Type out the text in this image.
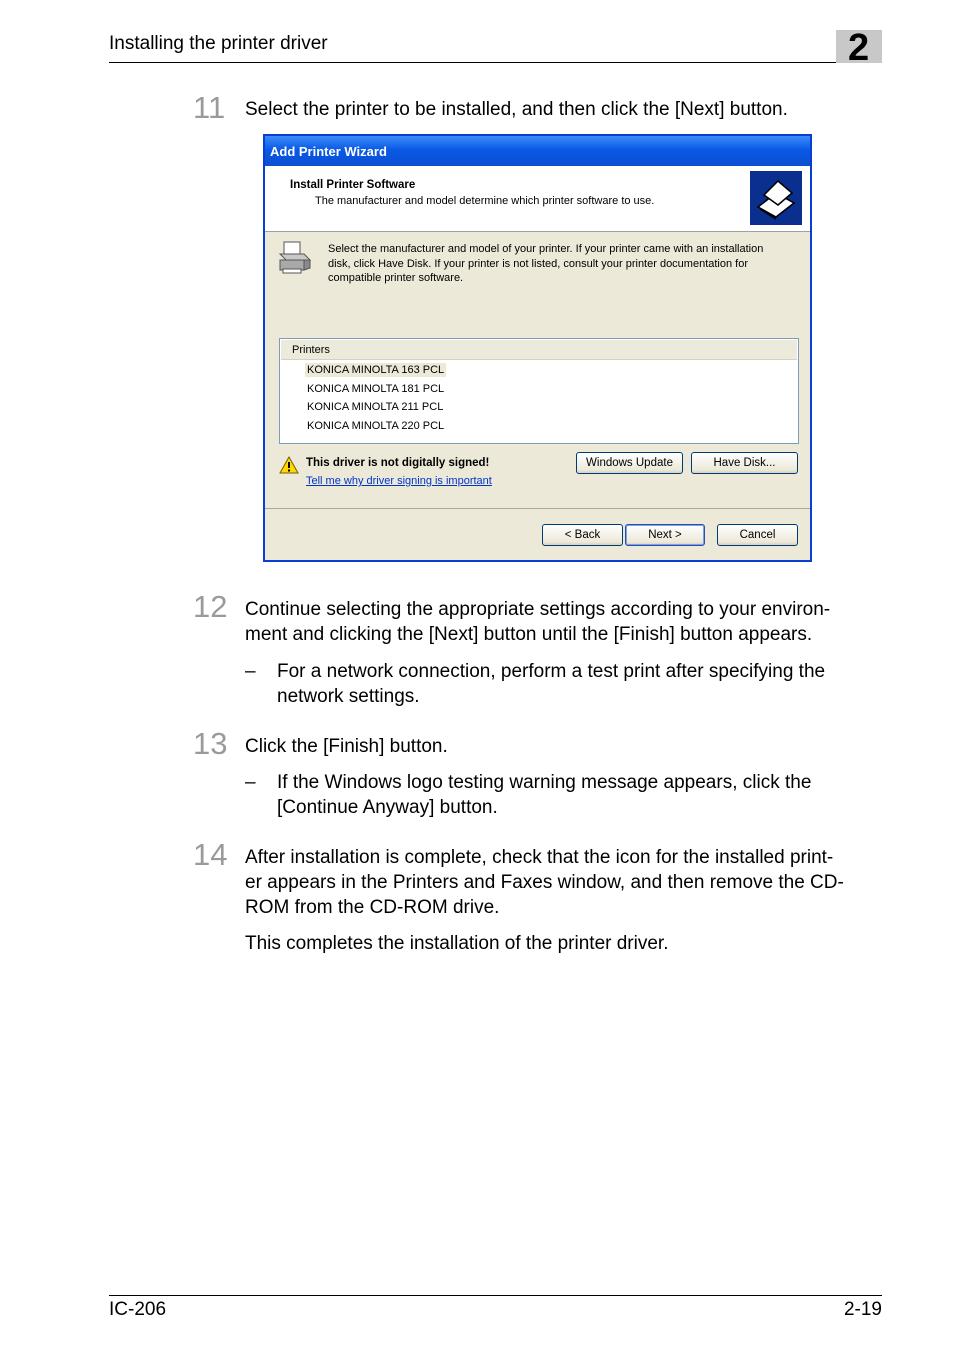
Installing the printer driver	2
11 Select the printer to be installed, and then click the [Next] button.
Add Printer Wizard
Install Printer Software
The manufacturer and model determine which printer software to use.
Select the manufacturer and model of your printer. If your printer came with an installation
disk, click Have Disk. If your printer is not listed, consult your printer documentation for
compatible printer software.
Printers
KONICA MINOLTA 163 PCL
KONICA MINOLTA 181 PCL
KONICA MINOLTA 211 PCL
KONICA MINOLTA 220 PCL
This driver is not digitally signed!
Tell me why driver signing is important
Windows Update	Have Disk...
< Back	Next >	Cancel
12 Continue selecting the appropriate settings according to your environ-
ment and clicking the [Next] button until the [Finish] button appears.
– For a network connection, perform a test print after specifying the
network settings.
13 Click the [Finish] button.
– If the Windows logo testing warning message appears, click the
[Continue Anyway] button.
14 After installation is complete, check that the icon for the installed print-
er appears in the Printers and Faxes window, and then remove the CD-
ROM from the CD-ROM drive.
This completes the installation of the printer driver.
IC-206	2-19
